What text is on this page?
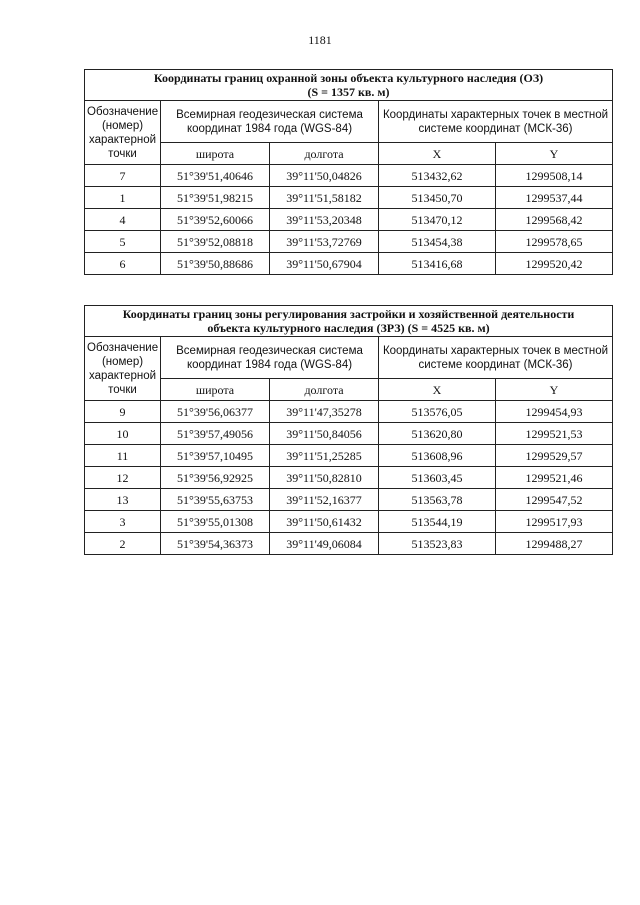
1181
Координаты границ охранной зоны объекта культурного наследия (ОЗ)
(S = 1357 кв. м)				
Обозначение (номер) характерной точки	Всемирная геодезическая система координат 1984 года (WGS-84)		Координаты характерных точек в местной системе координат (МСК-36)	
	широта	долгота	X	Y
7	51°39'51,40646	39°11'50,04826	513432,62	1299508,14
1	51°39'51,98215	39°11'51,58182	513450,70	1299537,44
4	51°39'52,60066	39°11'53,20348	513470,12	1299568,42
5	51°39'52,08818	39°11'53,72769	513454,38	1299578,65
6	51°39'50,88686	39°11'50,67904	513416,68	1299520,42
Координаты границ зоны регулирования застройки и хозяйственной деятельности
объекта культурного наследия (ЗРЗ) (S = 4525 кв. м)				
Обозначение (номер) характерной точки	Всемирная геодезическая система координат 1984 года (WGS-84)		Координаты характерных точек в местной системе координат (МСК-36)	
	широта	долгота	X	Y
9	51°39'56,06377	39°11'47,35278	513576,05	1299454,93
10	51°39'57,49056	39°11'50,84056	513620,80	1299521,53
11	51°39'57,10495	39°11'51,25285	513608,96	1299529,57
12	51°39'56,92925	39°11'50,82810	513603,45	1299521,46
13	51°39'55,63753	39°11'52,16377	513563,78	1299547,52
3	51°39'55,01308	39°11'50,61432	513544,19	1299517,93
2	51°39'54,36373	39°11'49,06084	513523,83	1299488,27
